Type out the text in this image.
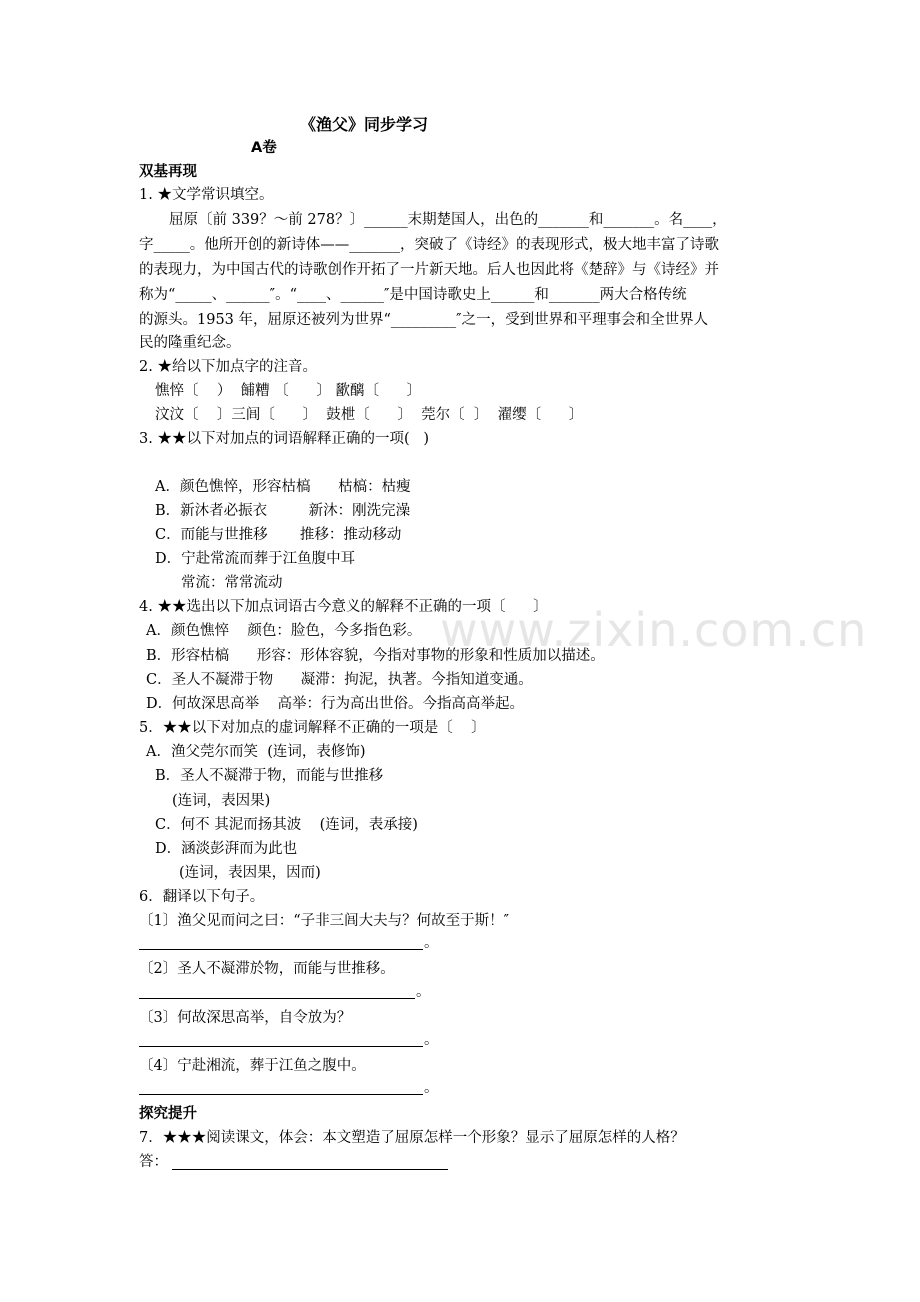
www.zixin.com.cn
《渔父》同步学习
A卷
双基再现
1. ★文学常识填空。
屈原〔前 339？～前 278？〕______末期楚国人，出色的_______和_______。名____，
字_____。他所开创的新诗体——_______，突破了《诗经》的表现形式，极大地丰富了诗歌
的表现力，为中国古代的诗歌创作开拓了一片新天地。后人也因此将《楚辞》与《诗经》并
称为“_____、______″。“____、______″是中国诗歌史上______和_______两大合格传统
的源头。1953 年，屈原还被列为世界“_________″之一，受到世界和平理事会和全世界人
民的隆重纪念。
2. ★给以下加点字的注音。
憔悴〔    ）  餔糟 〔      〕 歠醨〔      〕
汶汶〔    〕三闾〔      〕  鼓枻〔      〕  莞尔〔  〕  濯缨〔      〕
3. ★★以下对加点的词语解释正确的一项(   )
A．颜色憔悴，形容枯槁      枯槁：枯瘦
B．新沐者必振衣         新沐：刚洗完澡
C．而能与世推移       推移：推动移动
D．宁赴常流而葬于江鱼腹中耳
常流：常常流动
4. ★★选出以下加点词语古今意义的解释不正确的一项〔      〕
A．颜色憔悴    颜色：脸色，今多指色彩。
B．形容枯槁      形容：形体容貌，今指对事物的形象和性质加以描述。
C．圣人不凝滞于物      凝滞：拘泥，执著。今指知道变通。
D．何故深思高举    高举：行为高出世俗。今指高高举起。
5．★★以下对加点的虚词解释不正确的一项是〔    〕
A．渔父莞尔而笑  (连词，表修饰)
B．圣人不凝滞于物，而能与世推移
(连词，表因果)
C．何不 其泥而扬其波    (连词，表承接)
D．涵淡彭湃而为此也
(连词，表因果，因而)
6．翻译以下句子。
〔1〕渔父见而问之曰：“子非三闾大夫与？何故至于斯！″
。
〔2〕圣人不凝滞於物，而能与世推移。
。
〔3〕何故深思高举，自令放为？
。
〔4〕宁赴湘流，葬于江鱼之腹中。
。
探究提升
7．★★★阅读课文，体会：本文塑造了屈原怎样一个形象？显示了屈原怎样的人格？
答：
